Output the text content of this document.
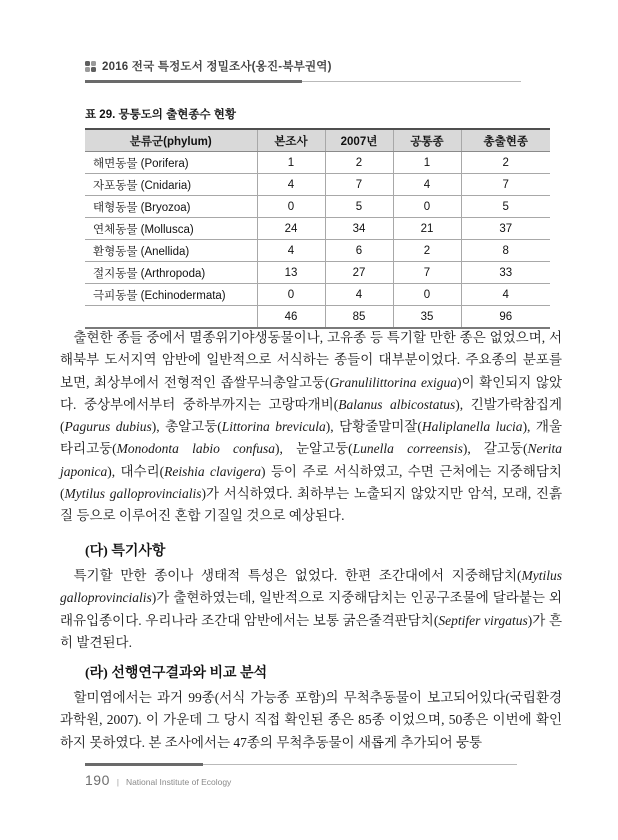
2016 전국 특정도서 정밀조사(옹진-북부권역)
표 29. 뭉퉁도의 출현종수 현황
분류군(phylum)	본조사	2007년	공통종	총출현종
해면동물 (Porifera)	1	2	1	2
자포동물 (Cnidaria)	4	7	4	7
태형동물 (Bryozoa)	0	5	0	5
연체동물 (Mollusca)	24	34	21	37
환형동물 (Anellida)	4	6	2	8
절지동물 (Arthropoda)	13	27	7	33
극피동물 (Echinodermata)	0	4	0	4
	46	85	35	96

출현한 종들 중에서 멸종위기야생동물이나, 고유종 등 특기할 만한 종은 없었으며, 서해북부 도서지역 암반에 일반적으로 서식하는 종들이 대부분이었다. 주요종의 분포를 보면, 최상부에서 전형적인 좁쌀무늬총알고둥(Granulilittorina exigua)이 확인되지 않았다. 중상부에서부터 중하부까지는 고랑따개비(Balanus albicostatus), 긴발가락참집게(Pagurus dubius), 총알고둥(Littorina brevicula), 담황줄말미잘(Haliplanella lucia), 개울타리고둥(Monodonta labio confusa), 눈알고둥(Lunella correensis), 갈고둥(Nerita japonica), 대수리(Reishia clavigera) 등이 주로 서식하였고, 수면 근처에는 지중해담치(Mytilus galloprovincialis)가 서식하였다. 최하부는 노출되지 않았지만 암석, 모래, 진흙질 등으로 이루어진 혼합 기질일 것으로 예상된다.

(다) 특기사항

특기할 만한 종이나 생태적 특성은 없었다. 한편 조간대에서 지중해담치(Mytilus galloprovincialis)가 출현하였는데, 일반적으로 지중해담치는 인공구조물에 달라붙는 외래유입종이다. 우리나라 조간대 암반에서는 보통 굵은줄격판담치(Septifer virgatus)가 흔히 발견된다.

(라) 선행연구결과와 비교 분석

할미염에서는 과거 99종(서식 가능종 포함)의 무척추동물이 보고되어있다(국립환경과학원, 2007). 이 가운데 그 당시 직접 확인된 종은 85종 이었으며, 50종은 이번에 확인하지 못하였다. 본 조사에서는 47종의 무척추동물이 새롭게 추가되어 뭉퉁

190 | National Institute of Ecology
